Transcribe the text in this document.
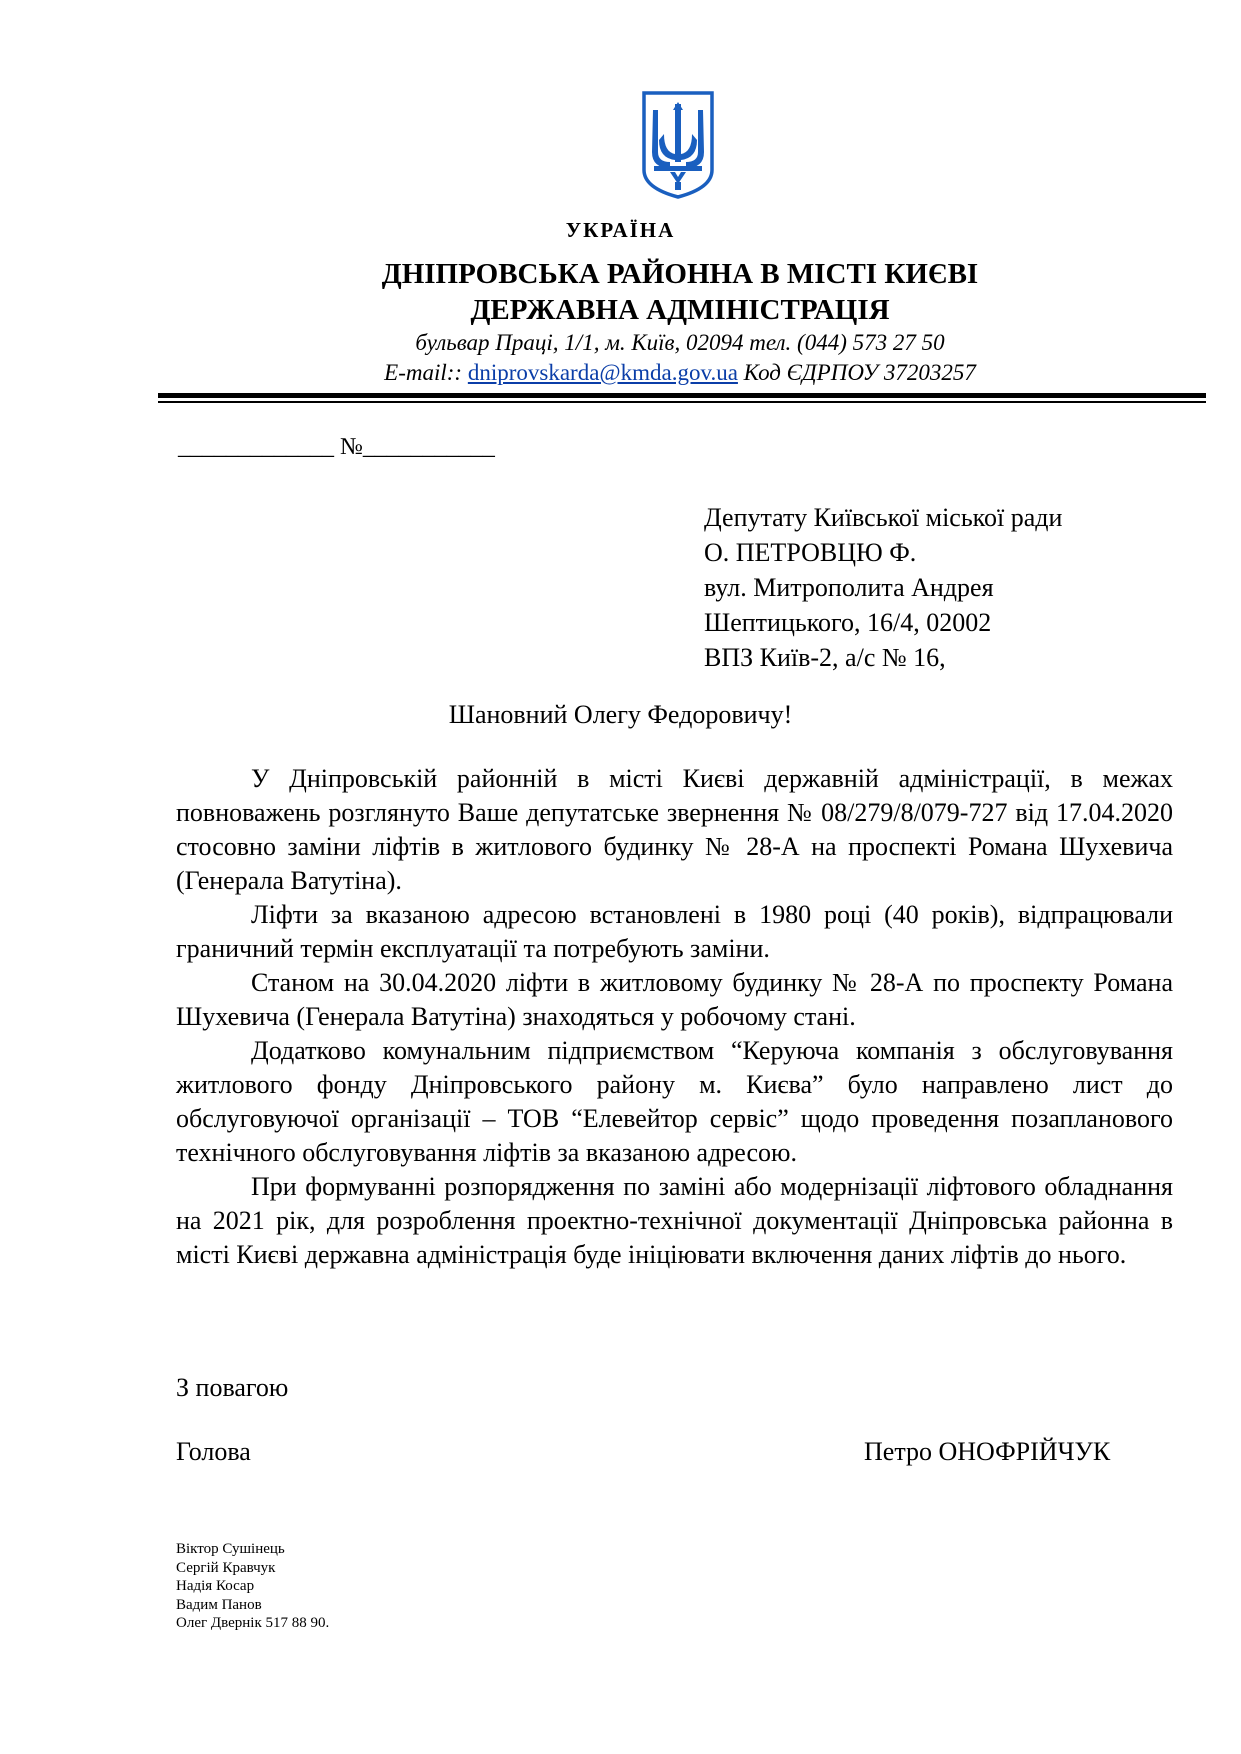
УКРАЇНА
ДНІПРОВСЬКА РАЙОННА В МІСТІ КИЄВІ
ДЕРЖАВНА АДМІНІСТРАЦІЯ
бульвар Праці, 1/1, м. Київ, 02094 тел. (044) 573 27 50
E-mail:: dniprovskarda@kmda.gov.ua Код ЄДРПОУ 37203257
_____________ №___________
Депутату Київської міської ради
О. ПЕТРОВЦЮ Ф.
вул. Митрополита Андрея
Шептицького, 16/4, 02002
ВПЗ Київ-2, а/с № 16,
Шановний Олегу Федоровичу!

У Дніпровській районній в місті Києві державній адміністрації, в межах повноважень розглянуто Ваше депутатське звернення № 08/279/8/079-727 від 17.04.2020 стосовно заміни ліфтів в житлового будинку № 28-А на проспекті Романа Шухевича (Генерала Ватутіна).

Ліфти за вказаною адресою встановлені в 1980 році (40 років), відпрацювали граничний термін експлуатації та потребують заміни.

Станом на 30.04.2020 ліфти в житловому будинку № 28-А по проспекту Романа Шухевича (Генерала Ватутіна) знаходяться у робочому стані.

Додатково комунальним підприємством “Керуюча компанія з обслуговування житлового фонду Дніпровського району м. Києва” було направлено лист до обслуговуючої організації – ТОВ “Елевейтор сервіс” щодо проведення позапланового технічного обслуговування ліфтів за вказаною адресою.

При формуванні розпорядження по заміні або модернізації ліфтового обладнання на 2021 рік, для розроблення проектно-технічної документації Дніпровська районна в місті Києві державна адміністрація буде ініціювати включення даних ліфтів до нього.

З повагою
Голова	Петро ОНОФРІЙЧУК
Віктор Сушінець
Сергій Кравчук
Надія Косар
Вадим Панов
Олег Двернік 517 88 90.
